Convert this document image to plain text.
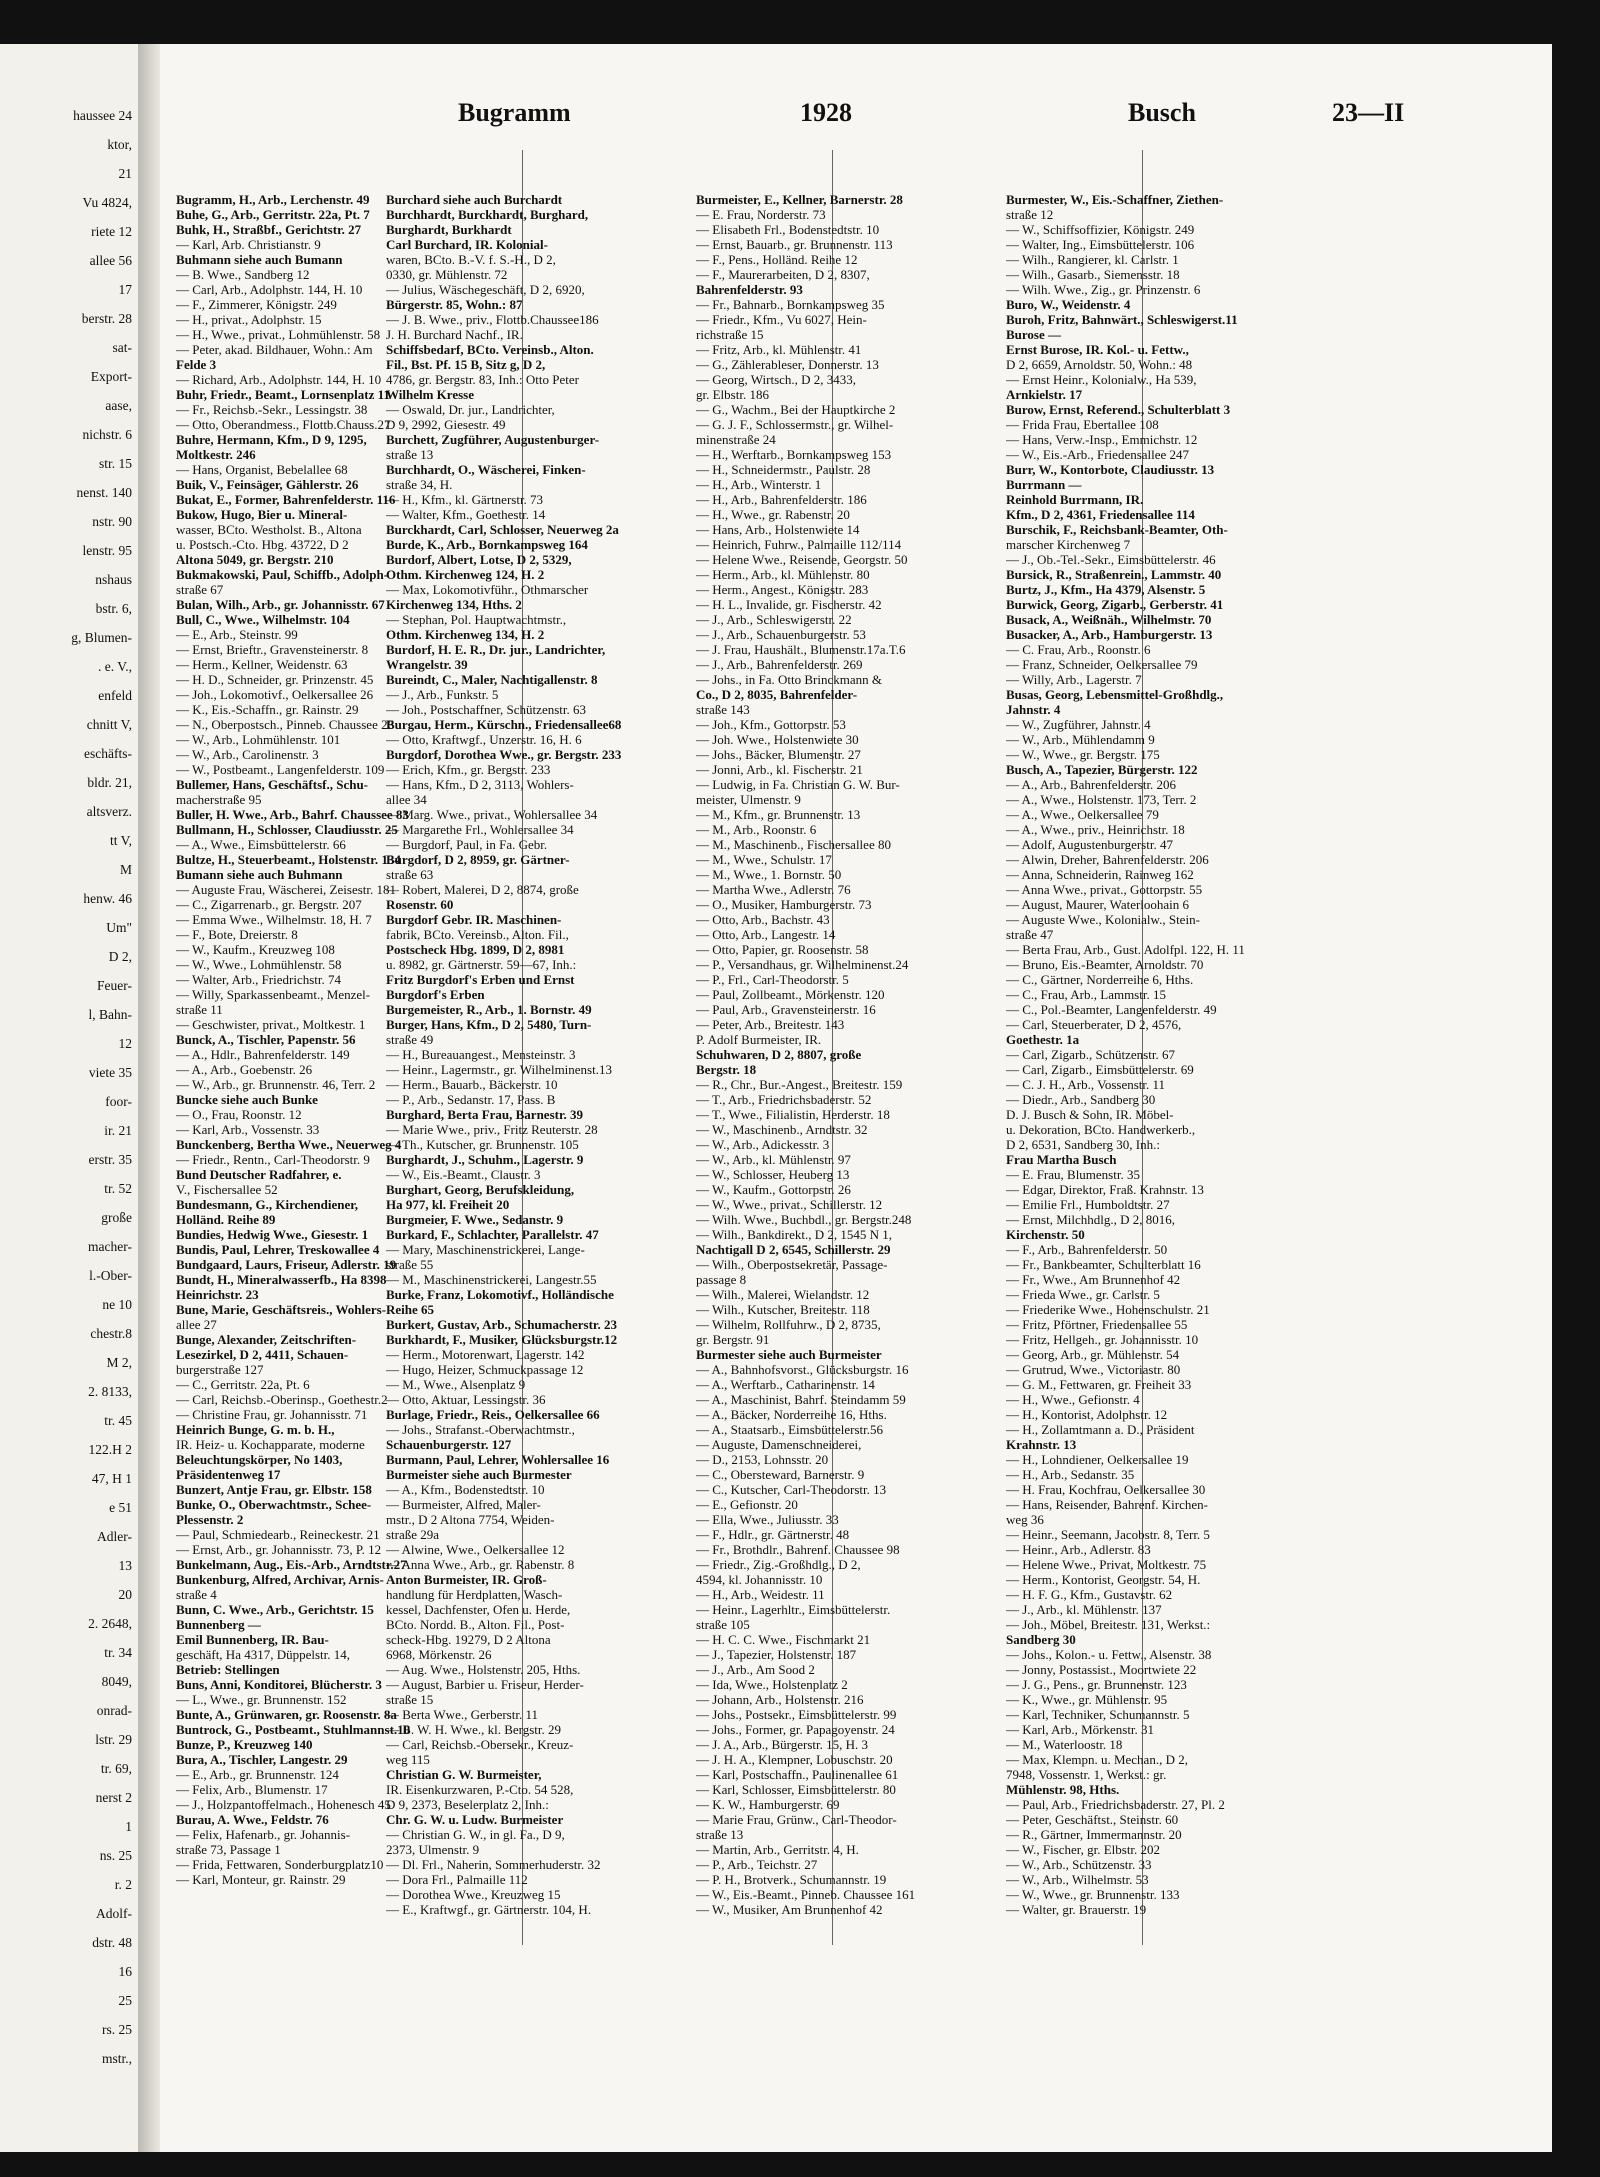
haussee 24
ktor,
21
Vu 4824,
riete 12
allee 56
17
berstr. 28
sat-
Export-
aase,
nichstr. 6
str. 15
nenst. 140
nstr. 90
lenstr. 95
nshaus
bstr. 6,
g, Blumen-
. e. V.,
enfeld
chnitt V,
eschäfts-
bldr. 21,
altsverz.
tt V,
M
henw. 46
Um"
D 2,
Feuer-
l, Bahn-
12
viete 35
foor-
ir. 21
erstr. 35
tr. 52
große
macher-
l.-Ober-
ne 10
chestr.8
M 2,
2. 8133,
tr. 45
122.H 2
47, H 1
e 51
Adler-
13
20
2. 2648,
tr. 34
8049,
onrad-
lstr. 29
tr. 69,
nerst 2
1
ns. 25
r. 2
Adolf-
dstr. 48
16
25
rs. 25
mstr.,
Bugramm	1928	Busch	23—II
Bugramm, H., Arb., Lerchenstr. 49
Buhe, G., Arb., Gerritstr. 22a, Pt. 7
Buhk, H., Straßbf., Gerichtstr. 27
— Karl, Arb. Christianstr. 9
Buhmann siehe auch Bumann
— B. Wwe., Sandberg 12
— Carl, Arb., Adolphstr. 144, H. 10
— F., Zimmerer, Königstr. 249
— H., privat., Adolphstr. 15
— H., Wwe., privat., Lohmühlenstr. 58
— Peter, akad. Bildhauer, Wohn.: Am
Felde 3
— Richard, Arb., Adolphstr. 144, H. 10
Buhr, Friedr., Beamt., Lornsenplatz 11
— Fr., Reichsb.-Sekr., Lessingstr. 38
— Otto, Oberandmess., Flottb.Chauss.27
Buhre, Hermann, Kfm., D 9, 1295,
Moltkestr. 246
— Hans, Organist, Bebelallee 68
Buik, V., Feinsäger, Gählerstr. 26
Bukat, E., Former, Bahrenfelderstr. 116
Bukow, Hugo, Bier u. Mineral-
wasser, BCto. Westholst. B., Altona
u. Postsch.-Cto. Hbg. 43722, D 2
Altona 5049, gr. Bergstr. 210
Bukmakowski, Paul, Schiffb., Adolph-
straße 67
Bulan, Wilh., Arb., gr. Johannisstr. 67
Bull, C., Wwe., Wilhelmstr. 104
— E., Arb., Steinstr. 99
— Ernst, Brieftr., Gravensteinerstr. 8
— Herm., Kellner, Weidenstr. 63
— H. D., Schneider, gr. Prinzenstr. 45
— Joh., Lokomotivf., Oelkersallee 26
— K., Eis.-Schaffn., gr. Rainstr. 29
— N., Oberpostsch., Pinneb. Chaussee 26
— W., Arb., Lohmühlenstr. 101
— W., Arb., Carolinenstr. 3
— W., Postbeamt., Langenfelderstr. 109
Bullemer, Hans, Geschäftsf., Schu-
macherstraße 95
Buller, H. Wwe., Arb., Bahrf. Chaussee 83
Bullmann, H., Schlosser, Claudiusstr. 25
— A., Wwe., Eimsbüttelerstr. 66
Bultze, H., Steuerbeamt., Holstenstr. 134
Bumann siehe auch Buhmann
— Auguste Frau, Wäscherei, Zeisestr. 181
— C., Zigarrenarb., gr. Bergstr. 207
— Emma Wwe., Wilhelmstr. 18, H. 7
— F., Bote, Dreierstr. 8
— W., Kaufm., Kreuzweg 108
— W., Wwe., Lohmühlenstr. 58
— Walter, Arb., Friedrichstr. 74
— Willy, Sparkassenbeamt., Menzel-
straße 11
— Geschwister, privat., Moltkestr. 1
Bunck, A., Tischler, Papenstr. 56
— A., Hdlr., Bahrenfelderstr. 149
— A., Arb., Goebenstr. 26
— W., Arb., gr. Brunnenstr. 46, Terr. 2
Buncke siehe auch Bunke
— O., Frau, Roonstr. 12
— Karl, Arb., Vossenstr. 33
Bunckenberg, Bertha Wwe., Neuerweg 4
— Friedr., Rentn., Carl-Theodorstr. 9
Bund Deutscher Radfahrer, e.
V., Fischersallee 52
Bundesmann, G., Kirchendiener,
Holländ. Reihe 89
Bundies, Hedwig Wwe., Giesestr. 1
Bundis, Paul, Lehrer, Treskowallee 4
Bundgaard, Laurs, Friseur, Adlerstr. 19
Bundt, H., Mineralwasserfb., Ha 8398
Heinrichstr. 23
Bune, Marie, Geschäftsreis., Wohlers-
allee 27
Bunge, Alexander, Zeitschriften-
Lesezirkel, D 2, 4411, Schauen-
burgerstraße 127
— C., Gerritstr. 22a, Pt. 6
— Carl, Reichsb.-Oberinsp., Goethestr.2
— Christine Frau, gr. Johannisstr. 71
Heinrich Bunge, G. m. b. H.,
IR. Heiz- u. Kochapparate, moderne
Beleuchtungskörper, No 1403,
Präsidentenweg 17
Bunzert, Antje Frau, gr. Elbstr. 158
Bunke, O., Oberwachtmstr., Schee-
Plessenstr. 2
— Paul, Schmiedearb., Reineckestr. 21
— Ernst, Arb., gr. Johannisstr. 73, P. 12
Bunkelmann, Aug., Eis.-Arb., Arndtstr.27
Bunkenburg, Alfred, Archivar, Arnis-
straße 4
Bunn, C. Wwe., Arb., Gerichtstr. 15
Bunnenberg —
Emil Bunnenberg, IR. Bau-
geschäft, Ha 4317, Düppelstr. 14,
Betrieb: Stellingen
Buns, Anni, Konditorei, Blücherstr. 3
— L., Wwe., gr. Brunnenstr. 152
Bunte, A., Grünwaren, gr. Roosenstr. 8a
Buntrock, G., Postbeamt., Stuhlmannst.10
Bunze, P., Kreuzweg 140
Bura, A., Tischler, Langestr. 29
— E., Arb., gr. Brunnenstr. 124
— Felix, Arb., Blumenstr. 17
— J., Holzpantoffelmach., Hohenesch 45
Burau, A. Wwe., Feldstr. 76
— Felix, Hafenarb., gr. Johannis-
straße 73, Passage 1
— Frida, Fettwaren, Sonderburgplatz10
— Karl, Monteur, gr. Rainstr. 29
Burchard siehe auch Burchardt
Burchhardt, Burckhardt, Burghard,
Burghardt, Burkhardt
Carl Burchard, IR. Kolonial-
waren, BCto. B.-V. f. S.-H., D 2,
0330, gr. Mühlenstr. 72
— Julius, Wäschegeschäft, D 2, 6920,
Bürgerstr. 85, Wohn.: 87
— J. B. Wwe., priv., Flottb.Chaussee186
J. H. Burchard Nachf., IR.
Schiffsbedarf, BCto. Vereinsb., Alton.
Fil., Bst. Pf. 15 B, Sitz g, D 2,
4786, gr. Bergstr. 83, Inh.: Otto Peter
Wilhelm Kresse
— Oswald, Dr. jur., Landrichter,
D 9, 2992, Giesestr. 49
Burchett, Zugführer, Augustenburger-
straße 13
Burchhardt, O., Wäscherei, Finken-
straße 34, H.
— H., Kfm., kl. Gärtnerstr. 73
— Walter, Kfm., Goethestr. 14
Burckhardt, Carl, Schlosser, Neuerweg 2a
Burde, K., Arb., Bornkampsweg 164
Burdorf, Albert, Lotse, D 2, 5329,
Othm. Kirchenweg 124, H. 2
— Max, Lokomotivführ., Othmarscher
Kirchenweg 134, Hths. 2
— Stephan, Pol. Hauptwachtmstr.,
Othm. Kirchenweg 134, H. 2
Burdorf, H. E. R., Dr. jur., Landrichter,
Wrangelstr. 39
Bureindt, C., Maler, Nachtigallenstr. 8
— J., Arb., Funkstr. 5
— Joh., Postschaffner, Schützenstr. 63
Burgau, Herm., Kürschn., Friedensallee68
— Otto, Kraftwgf., Unzerstr. 16, H. 6
Burgdorf, Dorothea Wwe., gr. Bergstr. 233
— Erich, Kfm., gr. Bergstr. 233
— Hans, Kfm., D 2, 3113, Wohlers-
allee 34
— Marg. Wwe., privat., Wohlersallee 34
— Margarethe Frl., Wohlersallee 34
— Burgdorf, Paul, in Fa. Gebr.
Burgdorf, D 2, 8959, gr. Gärtner-
straße 63
— Robert, Malerei, D 2, 8874, große
Rosenstr. 60
Burgdorf Gebr. IR. Maschinen-
fabrik, BCto. Vereinsb., Alton. Fil.,
Postscheck Hbg. 1899, D 2, 8981
u. 8982, gr. Gärtnerstr. 59—67, Inh.:
Fritz Burgdorf's Erben und Ernst
Burgdorf's Erben
Burgemeister, R., Arb., 1. Bornstr. 49
Burger, Hans, Kfm., D 2, 5480, Turn-
straße 49
— H., Bureauangest., Mensteinstr. 3
— Heinr., Lagermstr., gr. Wilhelminenst.13
— Herm., Bauarb., Bäckerstr. 10
— P., Arb., Sedanstr. 17, Pass. B
Burghard, Berta Frau, Barnestr. 39
— Marie Wwe., priv., Fritz Reuterstr. 28
— Th., Kutscher, gr. Brunnenstr. 105
Burghardt, J., Schuhm., Lagerstr. 9
— W., Eis.-Beamt., Claustr. 3
Burghart, Georg, Berufskleidung,
Ha 977, kl. Freiheit 20
Burgmeier, F. Wwe., Sedanstr. 9
Burkard, F., Schlachter, Parallelstr. 47
— Mary, Maschinenstrickerei, Lange-
straße 55
— M., Maschinenstrickerei, Langestr.55
Burke, Franz, Lokomotivf., Holländische
Reihe 65
Burkert, Gustav, Arb., Schumacherstr. 23
Burkhardt, F., Musiker, Glücksburgstr.12
— Herm., Motorenwart, Lagerstr. 142
— Hugo, Heizer, Schmuckpassage 12
— M., Wwe., Alsenplatz 9
— Otto, Aktuar, Lessingstr. 36
Burlage, Friedr., Reis., Oelkersallee 66
— Johs., Strafanst.-Oberwachtmstr.,
Schauenburgerstr. 127
Burmann, Paul, Lehrer, Wohlersallee 16
Burmeister siehe auch Burmester
— A., Kfm., Bodenstedtstr. 10
— Burmeister, Alfred, Maler-
mstr., D 2 Altona 7754, Weiden-
straße 29a
— Alwine, Wwe., Oelkersallee 12
— Anna Wwe., Arb., gr. Rabenstr. 8
Anton Burmeister, IR. Groß-
handlung für Herdplatten, Wasch-
kessel, Dachfenster, Ofen u. Herde,
BCto. Nordd. B., Alton. Fil., Post-
scheck-Hbg. 19279, D 2 Altona
6968, Mörkenstr. 26
— Aug. Wwe., Holstenstr. 205, Hths.
— August, Barbier u. Friseur, Herder-
straße 15
— Berta Wwe., Gerberstr. 11
— B. W. H. Wwe., kl. Bergstr. 29
— Carl, Reichsb.-Obersekr., Kreuz-
weg 115
Christian G. W. Burmeister,
IR. Eisenkurzwaren, P.-Cto. 54 528,
D 9, 2373, Beselerplatz 2, Inh.:
Chr. G. W. u. Ludw. Burmeister
— Christian G. W., in gl. Fa., D 9,
2373, Ulmenstr. 9
— Dl. Frl., Naherin, Sommerhuderstr. 32
— Dora Frl., Palmaille 112
— Dorothea Wwe., Kreuzweg 15
— E., Kraftwgf., gr. Gärtnerstr. 104, H.
Burmeister, E., Kellner, Barnerstr. 28
— E. Frau, Norderstr. 73
— Elisabeth Frl., Bodenstedtstr. 10
— Ernst, Bauarb., gr. Brunnenstr. 113
— F., Pens., Holländ. Reihe 12
— F., Maurerarbeiten, D 2, 8307,
Bahrenfelderstr. 93
— Fr., Bahnarb., Bornkampsweg 35
— Friedr., Kfm., Vu 6027, Hein-
richstraße 15
— Fritz, Arb., kl. Mühlenstr. 41
— G., Zählerableser, Donnerstr. 13
— Georg, Wirtsch., D 2, 3433,
gr. Elbstr. 186
— G., Wachm., Bei der Hauptkirche 2
— G. J. F., Schlossermstr., gr. Wilhel-
minenstraße 24
— H., Werftarb., Bornkampsweg 153
— H., Schneidermstr., Paulstr. 28
— H., Arb., Winterstr. 1
— H., Arb., Bahrenfelderstr. 186
— H., Wwe., gr. Rabenstr. 20
— Hans, Arb., Holstenwiete 14
— Heinrich, Fuhrw., Palmaille 112/114
— Helene Wwe., Reisende, Georgstr. 50
— Herm., Arb., kl. Mühlenstr. 80
— Herm., Angest., Königstr. 283
— H. L., Invalide, gr. Fischerstr. 42
— J., Arb., Schleswigerstr. 22
— J., Arb., Schauenburgerstr. 53
— J. Frau, Haushält., Blumenstr.17a.T.6
— J., Arb., Bahrenfelderstr. 269
— Johs., in Fa. Otto Brinckmann &
Co., D 2, 8035, Bahrenfelder-
straße 143
— Joh., Kfm., Gottorpstr. 53
— Joh. Wwe., Holstenwiete 30
— Johs., Bäcker, Blumenstr. 27
— Jonni, Arb., kl. Fischerstr. 21
— Ludwig, in Fa. Christian G. W. Bur-
meister, Ulmenstr. 9
— M., Kfm., gr. Brunnenstr. 13
— M., Arb., Roonstr. 6
— M., Maschinenb., Fischersallee 80
— M., Wwe., Schulstr. 17
— M., Wwe., 1. Bornstr. 50
— Martha Wwe., Adlerstr. 76
— O., Musiker, Hamburgerstr. 73
— Otto, Arb., Bachstr. 43
— Otto, Arb., Langestr. 14
— Otto, Papier, gr. Roosenstr. 58
— P., Versandhaus, gr. Wilhelminenst.24
— P., Frl., Carl-Theodorstr. 5
— Paul, Zollbeamt., Mörkenstr. 120
— Paul, Arb., Gravensteinerstr. 16
— Peter, Arb., Breitestr. 143
P. Adolf Burmeister, IR.
Schuhwaren, D 2, 8807, große
Bergstr. 18
— R., Chr., Bur.-Angest., Breitestr. 159
— T., Arb., Friedrichsbaderstr. 52
— T., Wwe., Filialistin, Herderstr. 18
— W., Maschinenb., Arndtstr. 32
— W., Arb., Adickesstr. 3
— W., Arb., kl. Mühlenstr. 97
— W., Schlosser, Heuberg 13
— W., Kaufm., Gottorpstr. 26
— W., Wwe., privat., Schillerstr. 12
— Wilh. Wwe., Buchbdl., gr. Bergstr.248
— Wilh., Bankdirekt., D 2, 1545 N 1,
Nachtigall D 2, 6545, Schillerstr. 29
— Wilh., Oberpostsekretär, Passage-
passage 8
— Wilh., Malerei, Wielandstr. 12
— Wilh., Kutscher, Breitestr. 118
— Wilhelm, Rollfuhrw., D 2, 8735,
gr. Bergstr. 91
Burmester siehe auch Burmeister
— A., Bahnhofsvorst., Glücksburgstr. 16
— A., Werftarb., Catharinenstr. 14
— A., Maschinist, Bahrf. Steindamm 59
— A., Bäcker, Norderreihe 16, Hths.
— A., Staatsarb., Eimsbüttelerstr.56
— Auguste, Damenschneiderei,
— D., 2153, Lohnsstr. 20
— C., Obersteward, Barnerstr. 9
— C., Kutscher, Carl-Theodorstr. 13
— E., Gefionstr. 20
— Ella, Wwe., Juliusstr. 33
— F., Hdlr., gr. Gärtnerstr. 48
— Fr., Brothdlr., Bahrenf. Chaussee 98
— Friedr., Zig.-Großhdlg., D 2,
4594, kl. Johannisstr. 10
— H., Arb., Weidestr. 11
— Heinr., Lagerhltr., Eimsbüttelerstr.
straße 105
— H. C. C. Wwe., Fischmarkt 21
— J., Tapezier, Holstenstr. 187
— J., Arb., Am Sood 2
— Ida, Wwe., Holstenplatz 2
— Johann, Arb., Holstenstr. 216
— Johs., Postsekr., Eimsbüttelerstr. 99
— Johs., Former, gr. Papagoyenstr. 24
— J. A., Arb., Bürgerstr. 15, H. 3
— J. H. A., Klempner, Lobuschstr. 20
— Karl, Postschaffn., Paulinenallee 61
— Karl, Schlosser, Eimsbüttelerstr. 80
— K. W., Hamburgerstr. 69
— Marie Frau, Grünw., Carl-Theodor-
straße 13
— Martin, Arb., Gerritstr. 4, H.
— P., Arb., Teichstr. 27
— P. H., Brotverk., Schumannstr. 19
— W., Eis.-Beamt., Pinneb. Chaussee 161
— W., Musiker, Am Brunnenhof 42
Burmester, W., Eis.-Schaffner, Ziethen-
straße 12
— W., Schiffsoffizier, Königstr. 249
— Walter, Ing., Eimsbüttelerstr. 106
— Wilh., Rangierer, kl. Carlstr. 1
— Wilh., Gasarb., Siemensstr. 18
— Wilh. Wwe., Zig., gr. Prinzenstr. 6
Buro, W., Weidenstr. 4
Buroh, Fritz, Bahnwärt., Schleswigerst.11
Burose —
Ernst Burose, IR. Kol.- u. Fettw.,
D 2, 6659, Arnoldstr. 50, Wohn.: 48
— Ernst Heinr., Kolonialw., Ha 539,
Arnkielstr. 17
Burow, Ernst, Referend., Schulterblatt 3
— Frida Frau, Ebertallee 108
— Hans, Verw.-Insp., Emmichstr. 12
— W., Eis.-Arb., Friedensallee 247
Burr, W., Kontorbote, Claudiusstr. 13
Burrmann —
Reinhold Burrmann, IR.
Kfm., D 2, 4361, Friedensallee 114
Burschik, F., Reichsbank-Beamter, Oth-
marscher Kirchenweg 7
— J., Ob.-Tel.-Sekr., Eimsbüttelerstr. 46
Bursick, R., Straßenrein., Lammstr. 40
Burtz, J., Kfm., Ha 4379, Alsenstr. 5
Burwick, Georg, Zigarb., Gerberstr. 41
Busack, A., Weißnäh., Wilhelmstr. 70
Busacker, A., Arb., Hamburgerstr. 13
— C. Frau, Arb., Roonstr. 6
— Franz, Schneider, Oelkersallee 79
— Willy, Arb., Lagerstr. 7
Busas, Georg, Lebensmittel-Großhdlg.,
Jahnstr. 4
— W., Zugführer, Jahnstr. 4
— W., Arb., Mühlendamm 9
— W., Wwe., gr. Bergstr. 175
Busch, A., Tapezier, Bürgerstr. 122
— A., Arb., Bahrenfelderstr. 206
— A., Wwe., Holstenstr. 173, Terr. 2
— A., Wwe., Oelkersallee 79
— A., Wwe., priv., Heinrichstr. 18
— Adolf, Augustenburgerstr. 47
— Alwin, Dreher, Bahrenfelderstr. 206
— Anna, Schneiderin, Rainweg 162
— Anna Wwe., privat., Gottorpstr. 55
— August, Maurer, Waterloohain 6
— Auguste Wwe., Kolonialw., Stein-
straße 47
— Berta Frau, Arb., Gust. Adolfpl. 122, H. 11
— Bruno, Eis.-Beamter, Arnoldstr. 70
— C., Gärtner, Norderreihe 6, Hths.
— C., Frau, Arb., Lammstr. 15
— C., Pol.-Beamter, Langenfelderstr. 49
— Carl, Steuerberater, D 2, 4576,
Goethestr. 1a
— Carl, Zigarb., Schützenstr. 67
— Carl, Zigarb., Eimsbüttelerstr. 69
— C. J. H., Arb., Vossenstr. 11
— Diedr., Arb., Sandberg 30
D. J. Busch & Sohn, IR. Möbel-
u. Dekoration, BCto. Handwerkerb.,
D 2, 6531, Sandberg 30, Inh.:
Frau Martha Busch
— E. Frau, Blumenstr. 35
— Edgar, Direktor, Fraß. Krahnstr. 13
— Emilie Frl., Humboldtstr. 27
— Ernst, Milchhdlg., D 2, 8016,
Kirchenstr. 50
— F., Arb., Bahrenfelderstr. 50
— Fr., Bankbeamter, Schulterblatt 16
— Fr., Wwe., Am Brunnenhof 42
— Frieda Wwe., gr. Carlstr. 5
— Friederike Wwe., Hohenschulstr. 21
— Fritz, Pförtner, Friedensallee 55
— Fritz, Hellgeh., gr. Johannisstr. 10
— Georg, Arb., gr. Mühlenstr. 54
— Grutrud, Wwe., Victoriastr. 80
— G. M., Fettwaren, gr. Freiheit 33
— H., Wwe., Gefionstr. 4
— H., Kontorist, Adolphstr. 12
— H., Zollamtmann a. D., Präsident
Krahnstr. 13
— H., Lohndiener, Oelkersallee 19
— H., Arb., Sedanstr. 35
— H. Frau, Kochfrau, Oelkersallee 30
— Hans, Reisender, Bahrenf. Kirchen-
weg 36
— Heinr., Seemann, Jacobstr. 8, Terr. 5
— Heinr., Arb., Adlerstr. 83
— Helene Wwe., Privat, Moltkestr. 75
— Herm., Kontorist, Georgstr. 54, H.
— H. F. G., Kfm., Gustavstr. 62
— J., Arb., kl. Mühlenstr. 137
— Joh., Möbel, Breitestr. 131, Werkst.:
Sandberg 30
— Johs., Kolon.- u. Fettw., Alsenstr. 38
— Jonny, Postassist., Moortwiete 22
— J. G., Pens., gr. Brunnenstr. 123
— K., Wwe., gr. Mühlenstr. 95
— Karl, Techniker, Schumannstr. 5
— Karl, Arb., Mörkenstr. 31
— M., Waterloostr. 18
— Max, Klempn. u. Mechan., D 2,
7948, Vossenstr. 1, Werkst.: gr.
Mühlenstr. 98, Hths.
— Paul, Arb., Friedrichsbaderstr. 27, Pl. 2
— Peter, Geschäftst., Steinstr. 60
— R., Gärtner, Immermannstr. 20
— W., Fischer, gr. Elbstr. 202
— W., Arb., Schützenstr. 33
— W., Arb., Wilhelmstr. 53
— W., Wwe., gr. Brunnenstr. 133
— Walter, gr. Brauerstr. 19
